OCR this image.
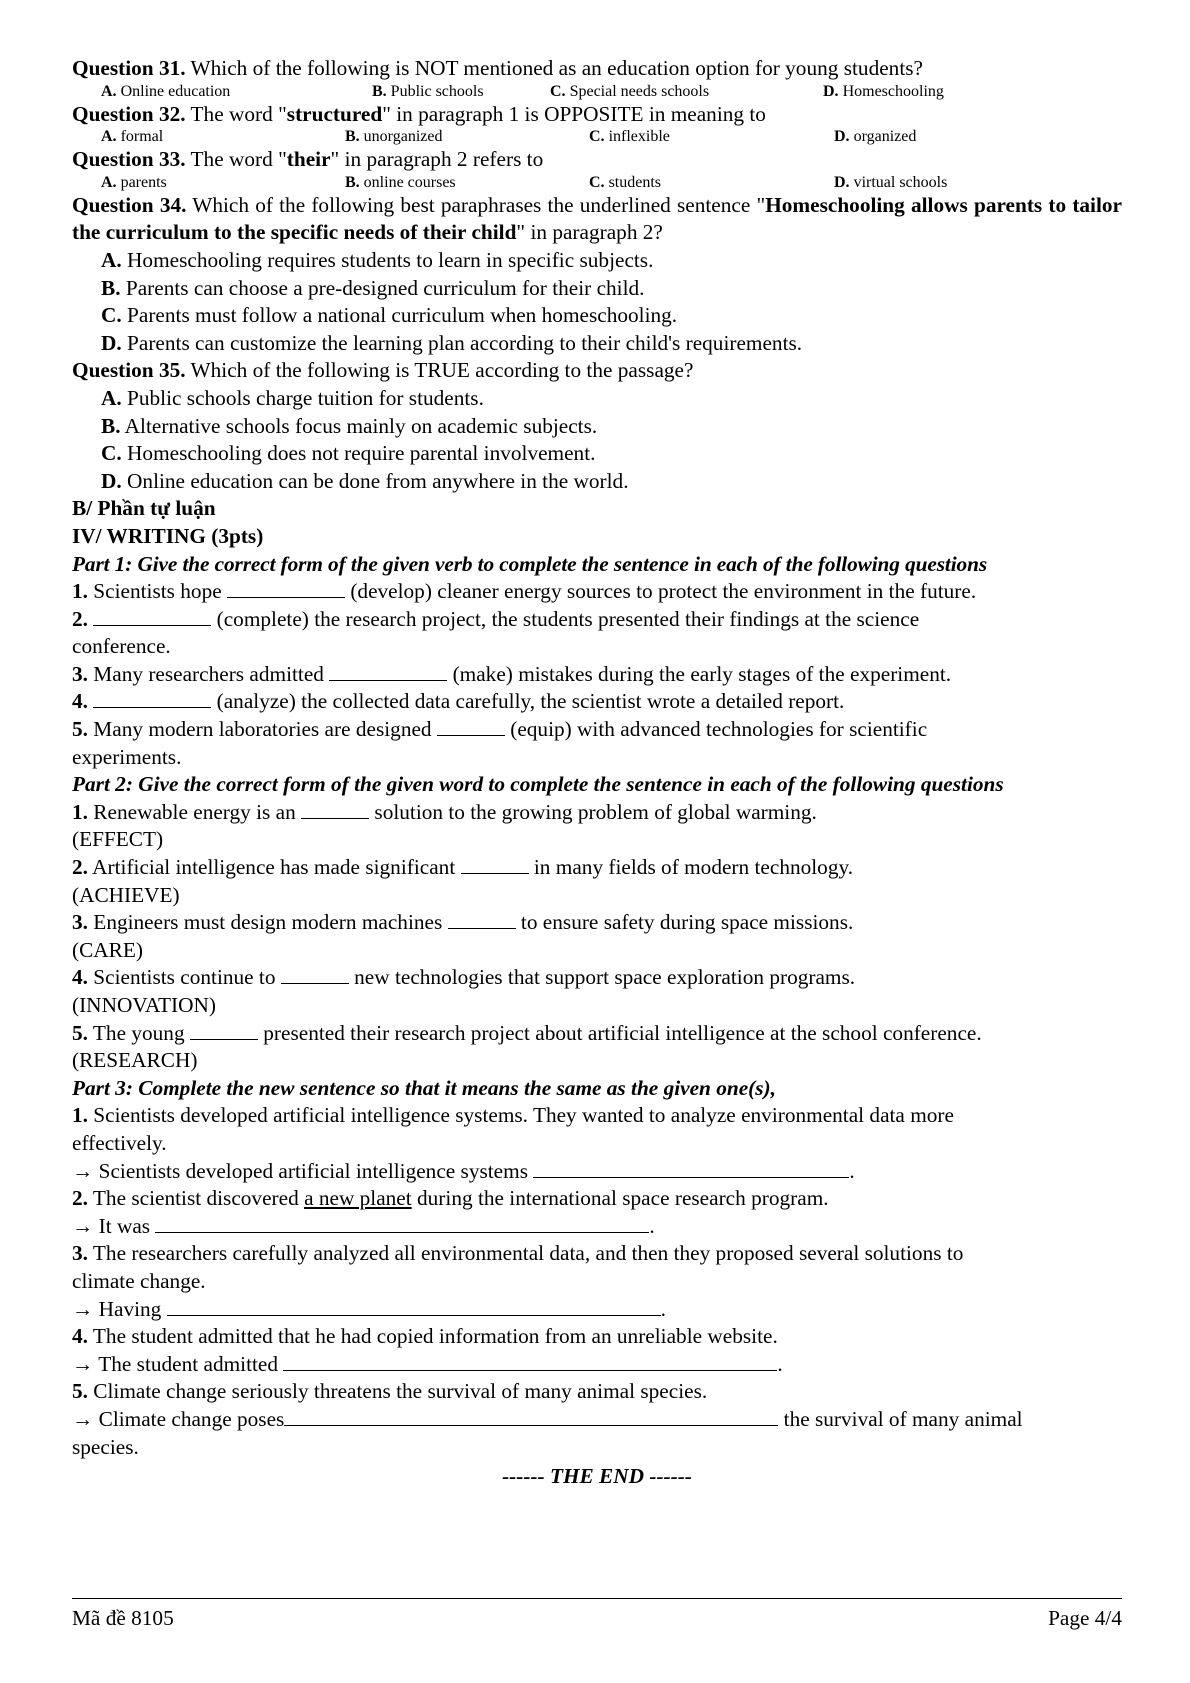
Question 31. Which of the following is NOT mentioned as an education option for young students?
A. Online education	B. Public schools	C. Special needs schools	D. Homeschooling
Question 32. The word "structured" in paragraph 1 is OPPOSITE in meaning to
A. formal	B. unorganized	C. inflexible	D. organized
Question 33. The word "their" in paragraph 2 refers to
A. parents	B. online courses	C. students	D. virtual schools
Question 34. Which of the following best paraphrases the underlined sentence "Homeschooling allows parents to tailor the curriculum to the specific needs of their child" in paragraph 2?
A. Homeschooling requires students to learn in specific subjects.
B. Parents can choose a pre-designed curriculum for their child.
C. Parents must follow a national curriculum when homeschooling.
D. Parents can customize the learning plan according to their child's requirements.
Question 35. Which of the following is TRUE according to the passage?
A. Public schools charge tuition for students.
B. Alternative schools focus mainly on academic subjects.
C. Homeschooling does not require parental involvement.
D. Online education can be done from anywhere in the world.
B/ Phần tự luận
IV/ WRITING (3pts)
Part 1: Give the correct form of the given verb to complete the sentence in each of the following questions
1. Scientists hope	(develop) cleaner energy sources to protect the environment in the future.
2.	(complete) the research project, the students presented their findings at the science
conference.
3. Many researchers admitted	(make) mistakes during the early stages of the experiment.
4.	(analyze) the collected data carefully, the scientist wrote a detailed report.
5. Many modern laboratories are designed	(equip) with advanced technologies for scientific
experiments.
Part 2: Give the correct form of the given word to complete the sentence in each of the following questions
1. Renewable energy is an	solution to the growing problem of global warming.
(EFFECT)
2. Artificial intelligence has made significant	in many fields of modern technology.
(ACHIEVE)
3. Engineers must design modern machines	to ensure safety during space missions.
(CARE)
4. Scientists continue to	new technologies that support space exploration programs.
(INNOVATION)
5. The young	presented their research project about artificial intelligence at the school conference.
(RESEARCH)
Part 3: Complete the new sentence so that it means the same as the given one(s),
1. Scientists developed artificial intelligence systems. They wanted to analyze environmental data more
effectively.
→ Scientists developed artificial intelligence systems	.
2. The scientist discovered a new planet during the international space research program.
→ It was	.
3. The researchers carefully analyzed all environmental data, and then they proposed several solutions to
climate change.
→ Having	.
4. The student admitted that he had copied information from an unreliable website.
→ The student admitted	.
5. Climate change seriously threatens the survival of many animal species.
→ Climate change poses	the survival of many animal
species.
------ THE END ------
Mã đề 8105	Page 4/4
